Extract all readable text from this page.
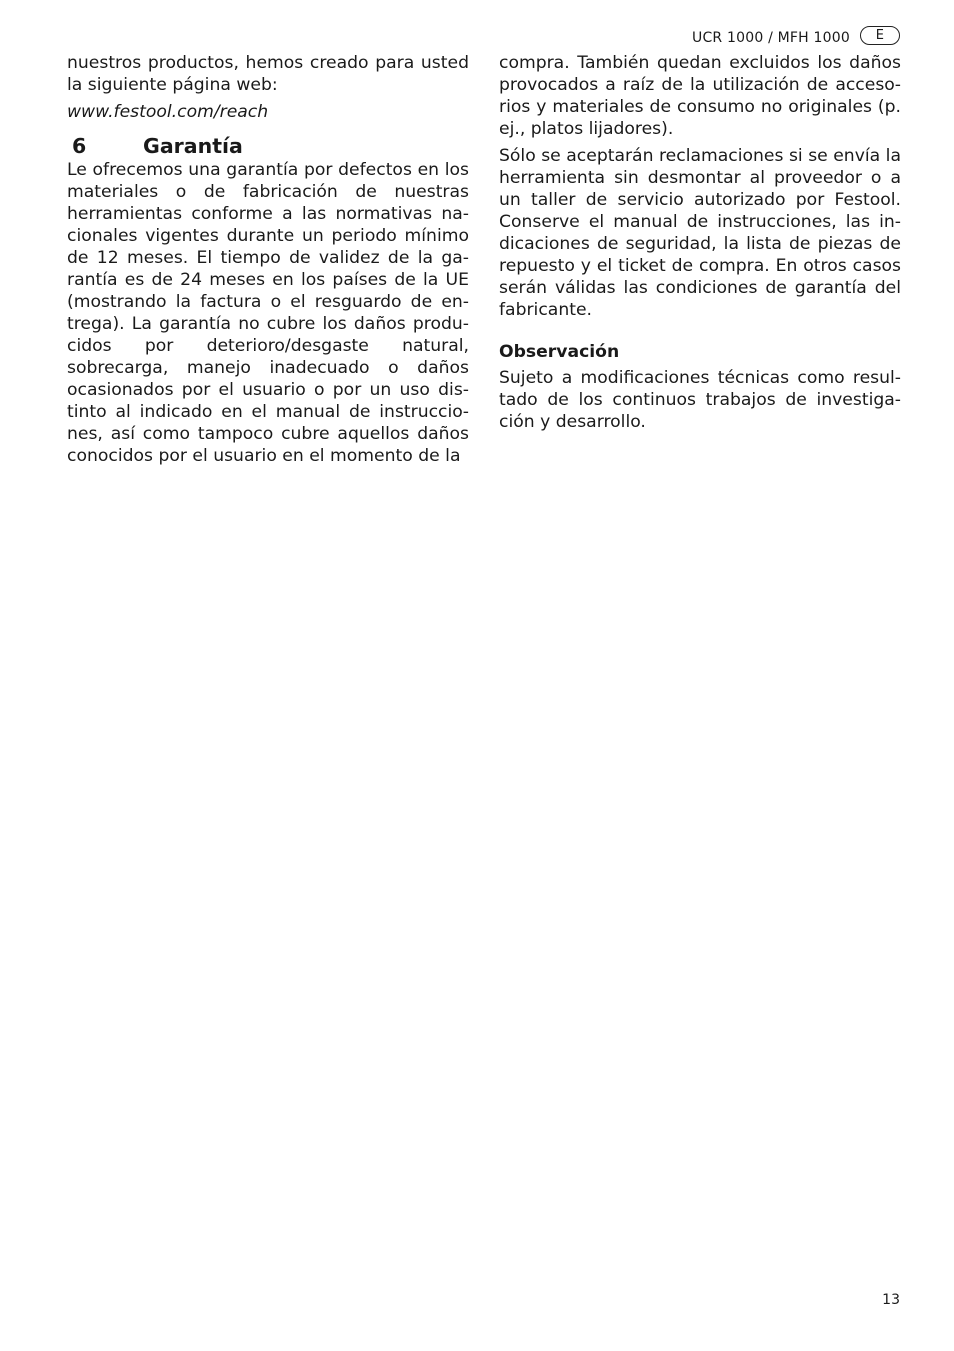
UCR 1000 / MFH 1000	E

nuestros productos, hemos creado para usted la siguiente página web:

www.festool.com/reach

6	Garantía

Le ofrecemos una garantía por defectos en los materiales o de fabricación de nuestras herramientas conforme a las normativas nacionales vigentes durante un periodo mínimo de 12 meses. El tiempo de validez de la garantía es de 24 meses en los países de la UE (mostrando la factura o el resguardo de entrega). La garantía no cubre los daños producidos por deterioro/desgaste natural, sobrecarga, manejo inadecuado o daños ocasionados por el usuario o por un uso distinto al indicado en el manual de instrucciones, así como tampoco cubre aquellos daños conocidos por el usuario en el momento de la

compra. También quedan excluidos los daños provocados a raíz de la utilización de accesorios y materiales de consumo no originales (p. ej., platos lijadores).

Sólo se aceptarán reclamaciones si se envía la herramienta sin desmontar al proveedor o a un taller de servicio autorizado por Festool. Conserve el manual de instrucciones, las indicaciones de seguridad, la lista de piezas de repuesto y el ticket de compra. En otros casos serán válidas las condiciones de garantía del fabricante.

Observación

Sujeto a modificaciones técnicas como resultado de los continuos trabajos de investigación y desarrollo.

13
